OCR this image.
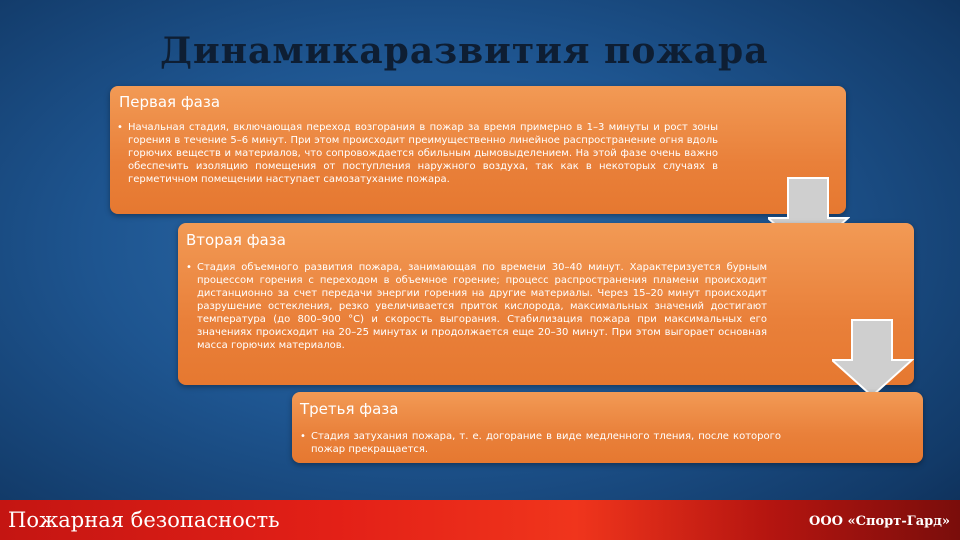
Динамикаразвития пожара
Первая фаза

• Начальная стадия, включающая переход возгорания в пожар за время примерно в 1–3 минуты и рост зоны горения в течение 5–6 минут. При этом происходит преимущественно линейное распространение огня вдоль горючих веществ и материалов, что сопровождается обильным дымовыделением. На этой фазе очень важно обеспечить изоляцию помещения от поступления наружного воздуха, так как в некоторых случаях в герметичном помещении наступает самозатухание пожара.

Вторая фаза

• Стадия объемного развития пожара, занимающая по времени 30–40 минут. Характеризуется бурным процессом горения с переходом в объемное горение; процесс распространения пламени происходит дистанционно за счет передачи энергии горения на другие материалы. Через 15–20 минут происходит разрушение остекления, резко увеличивается приток кислорода, максимальных значений достигают температура (до 800–900 °С) и скорость выгорания. Стабилизация пожара при максимальных его значениях происходит на 20–25 минутах и продолжается еще 20–30 минут. При этом выгорает основная масса горючих материалов.

Третья фаза

• Стадия затухания пожара, т. е. догорание в виде медленного тления, после которого пожар прекращается.

Пожарная безопасность	ООО «Спорт-Гард»
